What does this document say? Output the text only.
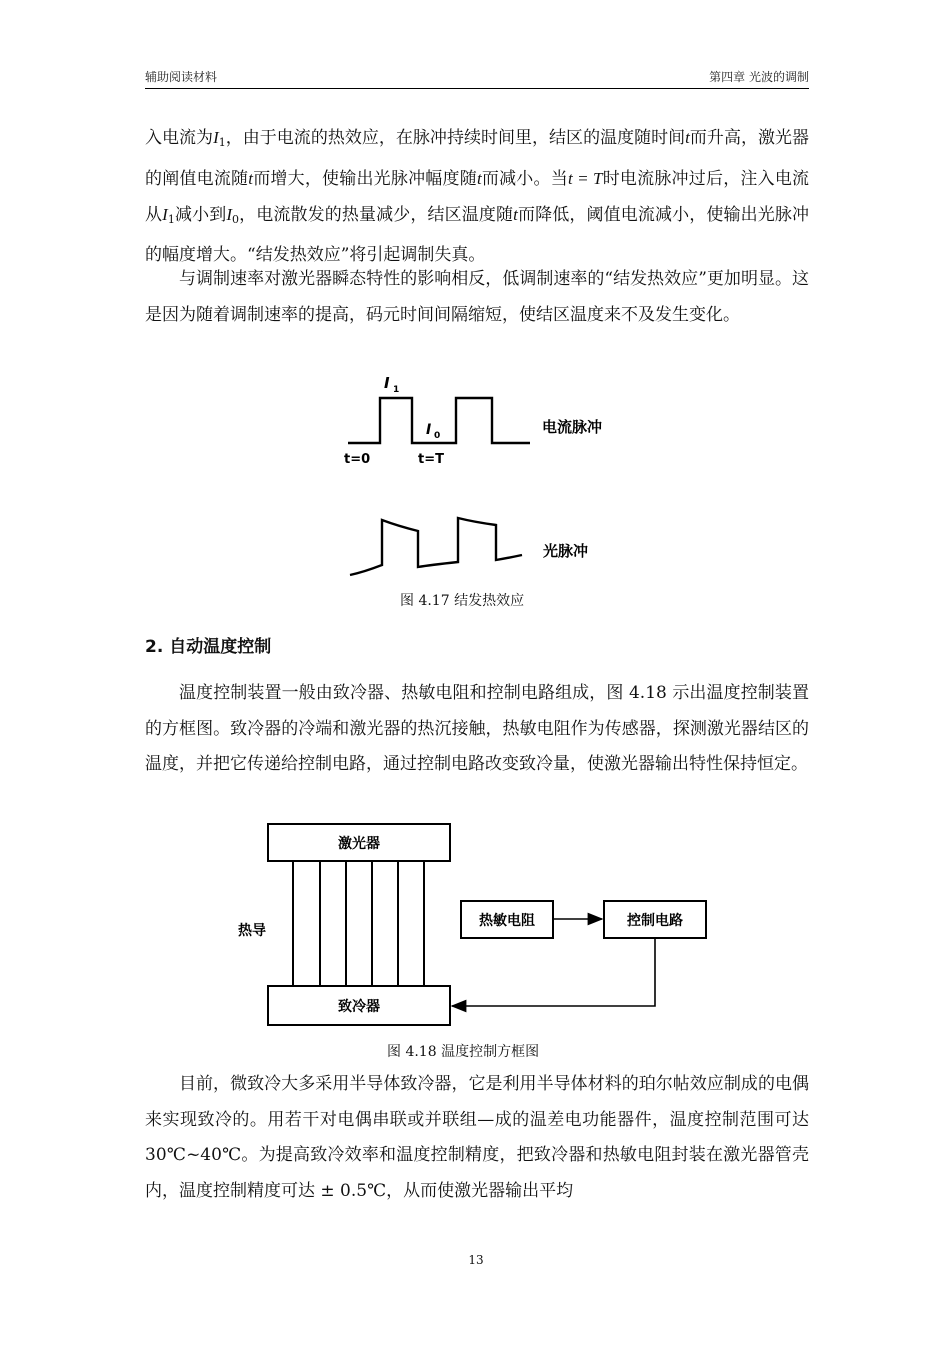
辅助阅读材料	第四章 光波的调制

入电流为$I_1$，由于电流的热效应，在脉冲持续时间里，结区的温度随时间t而升高，激光器的阐值电流随t而增大，使输出光脉冲幅度随t而减小。当t = T时电流脉冲过后，注入电流从$I_1$减小到$I_0$，电流散发的热量减少，结区温度随t而降低，阈值电流减小，使输出光脉冲的幅度增大。“结发热效应”将引起调制失真。

与调制速率对激光器瞬态特性的影响相反，低调制速率的“结发热效应”更加明显。这是因为随着调制速率的提高，码元时间间隔缩短，使结区温度来不及发生变化。

I 1
I 0
t=0	t=T
电流脉冲
光脉冲
图 4.17 结发热效应
2. 自动温度控制

温度控制装置一般由致冷器、热敏电阻和控制电路组成，图 4.18 示出温度控制装置的方框图。致冷器的冷端和激光器的热沉接触，热敏电阻作为传感器，探测激光器结区的温度，并把它传递给控制电路，通过控制电路改变致冷量，使激光器输出特性保持恒定。

激光器
热导
致冷器
热敏电阻	控制电路
图 4.18 温度控制方框图

目前，微致冷大多采用半导体致冷器，它是利用半导体材料的珀尔帖效应制成的电偶来实现致冷的。用若干对电偶串联或并联组—成的温差电功能器件，温度控制范围可达 30℃~40℃。为提高致冷效率和温度控制精度，把致冷器和热敏电阻封装在激光器管壳内，温度控制精度可达 ± 0.5℃，从而使激光器输出平均

13
